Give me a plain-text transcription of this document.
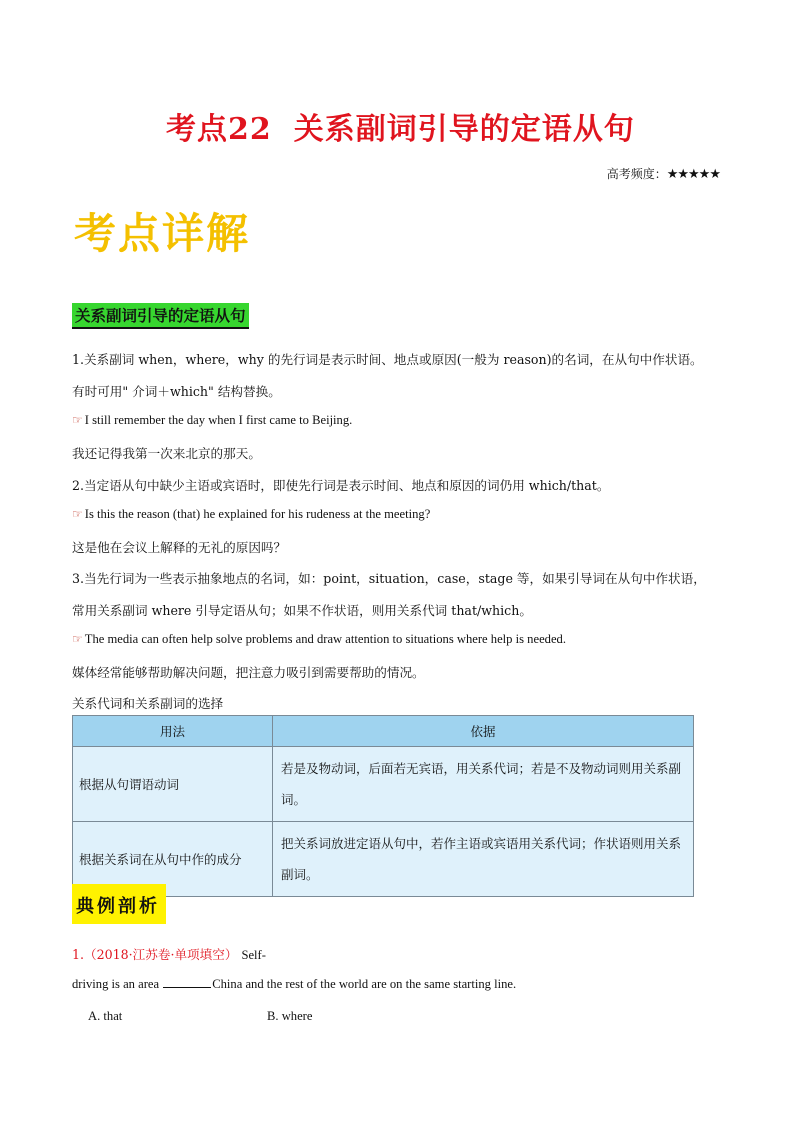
考点22 关系副词引导的定语从句
高考频度：★★★★★
考点详解
关系副词引导的定语从句
1.关系副词 when，where，why 的先行词是表示时间、地点或原因(一般为 reason)的名词，在从句中作状语。
有时可用" 介词＋which" 结构替换。
☞ I still remember the day when I first came to Beijing.
我还记得我第一次来北京的那天。
2.当定语从句中缺少主语或宾语时，即使先行词是表示时间、地点和原因的词仍用 which/that。
☞ Is this the reason (that) he explained for his rudeness at the meeting?
这是他在会议上解释的无礼的原因吗？
3.当先行词为一些表示抽象地点的名词，如：point，situation，case，stage 等，如果引导词在从句中作状语，
常用关系副词 where 引导定语从句；如果不作状语，则用关系代词 that/which。
☞ The media can often help solve problems and draw attention to situations where help is needed.
媒体经常能够帮助解决问题，把注意力吸引到需要帮助的情况。
关系代词和关系副词的选择
用法	依据
根据从句谓语动词	若是及物动词，后面若无宾语，用关系代词；若是不及物动词则用关系副词。
根据关系词在从句中作的成分	把关系词放进定语从句中，若作主语或宾语用关系代词；作状语则用关系副词。
典例剖析
1.（2018·江苏卷·单项填空） Self-
driving is an area	China and the rest of the world are on the same starting line.
A. that	B. where
